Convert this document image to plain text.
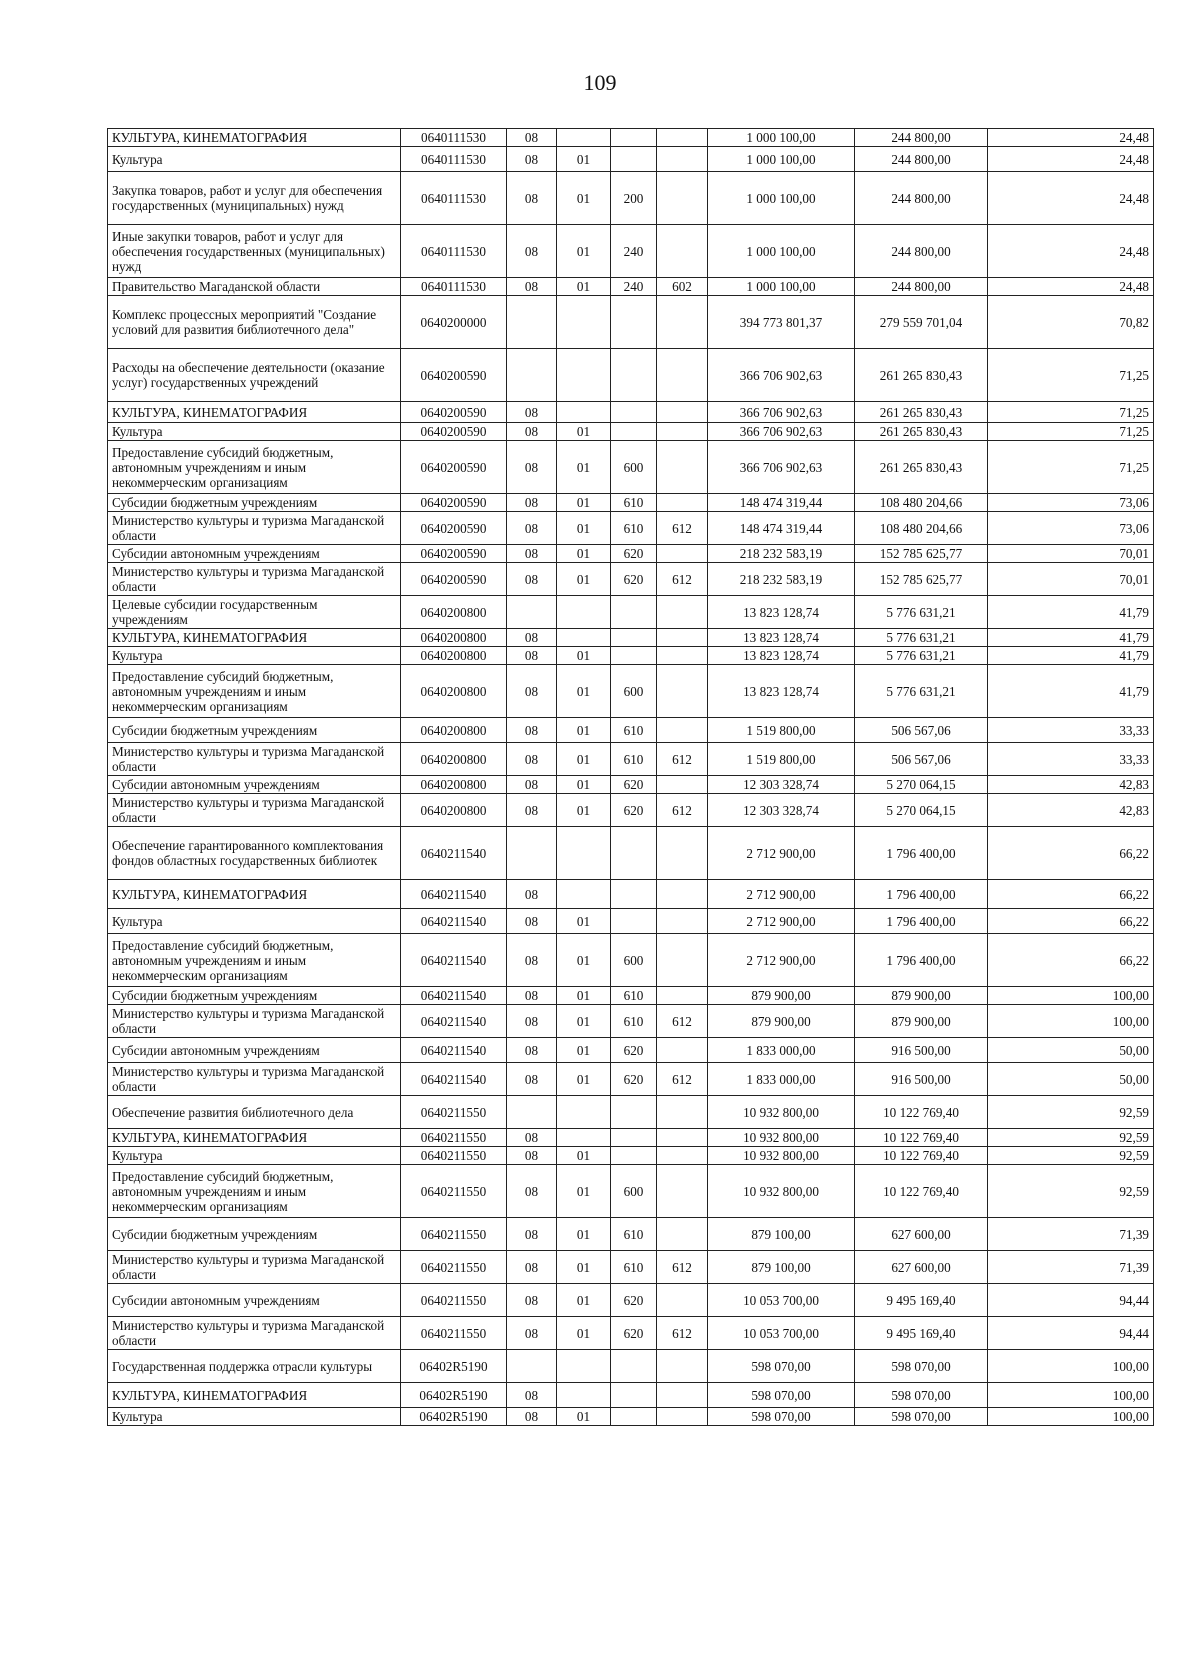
109
КУЛЬТУРА, КИНЕМАТОГРАФИЯ	0640111530	08				1 000 100,00	244 800,00	24,48
Культура	0640111530	08	01			1 000 100,00	244 800,00	24,48
Закупка товаров, работ и услуг для обеспечения государственных (муниципальных) нужд	0640111530	08	01	200		1 000 100,00	244 800,00	24,48
Иные закупки товаров, работ и услуг для обеспечения государственных (муниципальных) нужд	0640111530	08	01	240		1 000 100,00	244 800,00	24,48
Правительство Магаданской области	0640111530	08	01	240	602	1 000 100,00	244 800,00	24,48
Комплекс процессных мероприятий "Создание условий для развития библиотечного дела"	0640200000					394 773 801,37	279 559 701,04	70,82
Расходы на обеспечение деятельности (оказание услуг) государственных учреждений	0640200590					366 706 902,63	261 265 830,43	71,25
КУЛЬТУРА, КИНЕМАТОГРАФИЯ	0640200590	08				366 706 902,63	261 265 830,43	71,25
Культура	0640200590	08	01			366 706 902,63	261 265 830,43	71,25
Предоставление субсидий бюджетным, автономным учреждениям и иным некоммерческим организациям	0640200590	08	01	600		366 706 902,63	261 265 830,43	71,25
Субсидии бюджетным учреждениям	0640200590	08	01	610		148 474 319,44	108 480 204,66	73,06
Министерство культуры и туризма Магаданской области	0640200590	08	01	610	612	148 474 319,44	108 480 204,66	73,06
Субсидии автономным учреждениям	0640200590	08	01	620		218 232 583,19	152 785 625,77	70,01
Министерство культуры и туризма Магаданской области	0640200590	08	01	620	612	218 232 583,19	152 785 625,77	70,01
Целевые субсидии государственным учреждениям	0640200800					13 823 128,74	5 776 631,21	41,79
КУЛЬТУРА, КИНЕМАТОГРАФИЯ	0640200800	08				13 823 128,74	5 776 631,21	41,79
Культура	0640200800	08	01			13 823 128,74	5 776 631,21	41,79
Предоставление субсидий бюджетным, автономным учреждениям и иным некоммерческим организациям	0640200800	08	01	600		13 823 128,74	5 776 631,21	41,79
Субсидии бюджетным учреждениям	0640200800	08	01	610		1 519 800,00	506 567,06	33,33
Министерство культуры и туризма Магаданской области	0640200800	08	01	610	612	1 519 800,00	506 567,06	33,33
Субсидии автономным учреждениям	0640200800	08	01	620		12 303 328,74	5 270 064,15	42,83
Министерство культуры и туризма Магаданской области	0640200800	08	01	620	612	12 303 328,74	5 270 064,15	42,83
Обеспечение гарантированного комплектования фондов областных государственных библиотек	0640211540					2 712 900,00	1 796 400,00	66,22
КУЛЬТУРА, КИНЕМАТОГРАФИЯ	0640211540	08				2 712 900,00	1 796 400,00	66,22
Культура	0640211540	08	01			2 712 900,00	1 796 400,00	66,22
Предоставление субсидий бюджетным, автономным учреждениям и иным некоммерческим организациям	0640211540	08	01	600		2 712 900,00	1 796 400,00	66,22
Субсидии бюджетным учреждениям	0640211540	08	01	610		879 900,00	879 900,00	100,00
Министерство культуры и туризма Магаданской области	0640211540	08	01	610	612	879 900,00	879 900,00	100,00
Субсидии автономным учреждениям	0640211540	08	01	620		1 833 000,00	916 500,00	50,00
Министерство культуры и туризма Магаданской области	0640211540	08	01	620	612	1 833 000,00	916 500,00	50,00
Обеспечение развития библиотечного дела	0640211550					10 932 800,00	10 122 769,40	92,59
КУЛЬТУРА, КИНЕМАТОГРАФИЯ	0640211550	08				10 932 800,00	10 122 769,40	92,59
Культура	0640211550	08	01			10 932 800,00	10 122 769,40	92,59
Предоставление субсидий бюджетным, автономным учреждениям и иным некоммерческим организациям	0640211550	08	01	600		10 932 800,00	10 122 769,40	92,59
Субсидии бюджетным учреждениям	0640211550	08	01	610		879 100,00	627 600,00	71,39
Министерство культуры и туризма Магаданской области	0640211550	08	01	610	612	879 100,00	627 600,00	71,39
Субсидии автономным учреждениям	0640211550	08	01	620		10 053 700,00	9 495 169,40	94,44
Министерство культуры и туризма Магаданской области	0640211550	08	01	620	612	10 053 700,00	9 495 169,40	94,44
Государственная поддержка отрасли культуры	06402R5190					598 070,00	598 070,00	100,00
КУЛЬТУРА, КИНЕМАТОГРАФИЯ	06402R5190	08				598 070,00	598 070,00	100,00
Культура	06402R5190	08	01			598 070,00	598 070,00	100,00
